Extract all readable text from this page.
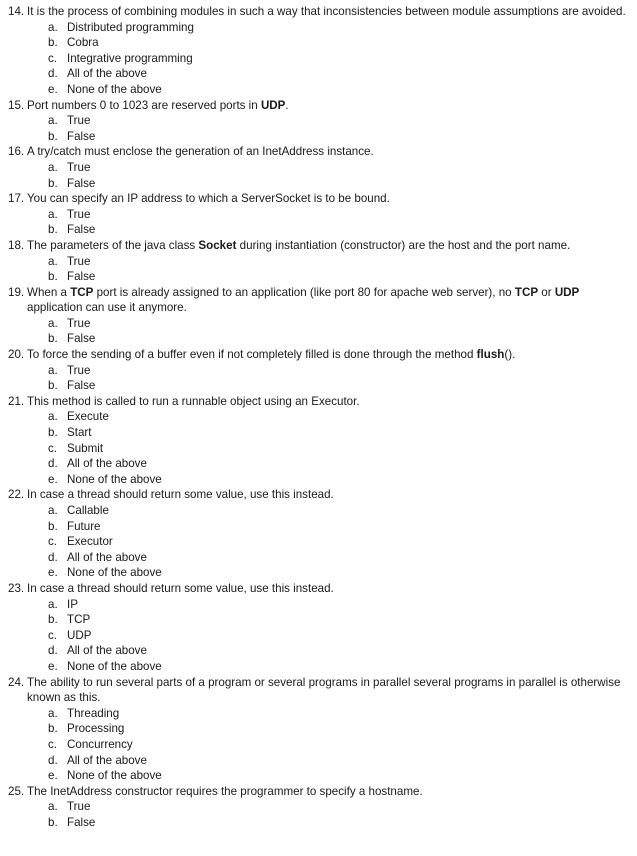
14. It is the process of combining modules in such a way that inconsistencies between module assumptions are avoided.
a. Distributed programming
b. Cobra
c. Integrative programming
d. All of the above
e. None of the above
15. Port numbers 0 to 1023 are reserved ports in UDP.
a. True
b. False
16. A try/catch must enclose the generation of an InetAddress instance.
a. True
b. False
17. You can specify an IP address to which a ServerSocket is to be bound.
a. True
b. False
18. The parameters of the java class Socket during instantiation (constructor) are the host and the port name.
a. True
b. False
19. When a TCP port is already assigned to an application (like port 80 for apache web server), no TCP or UDP application can use it anymore.
a. True
b. False
20. To force the sending of a buffer even if not completely filled is done through the method flush().
a. True
b. False
21. This method is called to run a runnable object using an Executor.
a. Execute
b. Start
c. Submit
d. All of the above
e. None of the above
22. In case a thread should return some value, use this instead.
a. Callable
b. Future
c. Executor
d. All of the above
e. None of the above
23. In case a thread should return some value, use this instead.
a. IP
b. TCP
c. UDP
d. All of the above
e. None of the above
24. The ability to run several parts of a program or several programs in parallel several programs in parallel is otherwise known as this.
a. Threading
b. Processing
c. Concurrency
d. All of the above
e. None of the above
25. The InetAddress constructor requires the programmer to specify a hostname.
a. True
b. False
